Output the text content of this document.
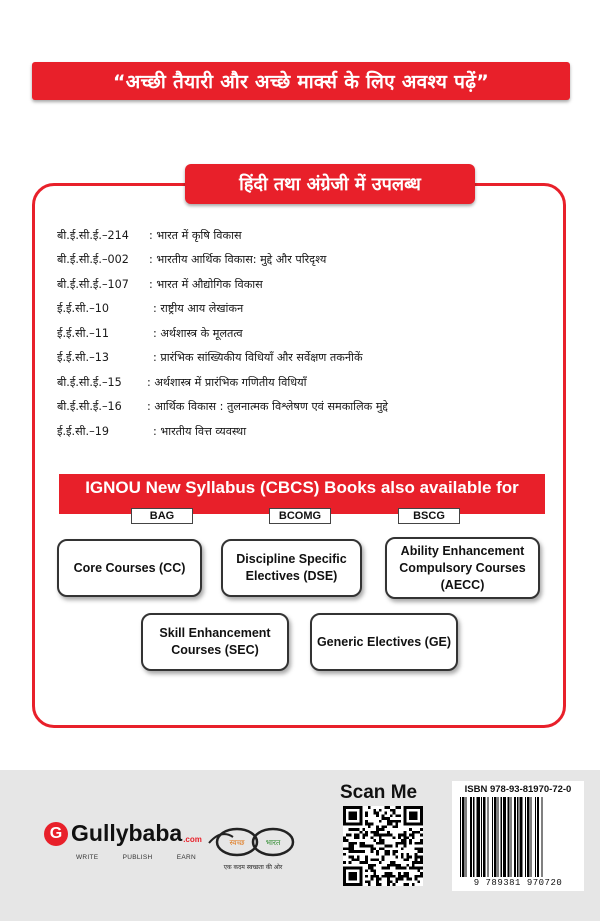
“अच्छी तैयारी और अच्छे मार्क्स के लिए अवश्य पढ़ें”
हिंदी तथा अंग्रेजी में उपलब्ध
बी.ई.सी.ई.–214	: भारत में कृषि विकास
बी.ई.सी.ई.–002	: भारतीय आर्थिक विकास: मुद्दे और परिदृश्य
बी.ई.सी.ई.–107	: भारत में औद्योगिक विकास
ई.ई.सी.–10	: राष्ट्रीय आय लेखांकन
ई.ई.सी.–11	: अर्थशास्त्र के मूलतत्व
ई.ई.सी.–13	: प्रारंभिक सांख्यिकीय विधियाँ और सर्वेक्षण तकनीकें
बी.ई.सी.ई.–15	: अर्थशास्त्र में प्रारंभिक गणितीय विधियाँ
बी.ई.सी.ई.–16	: आर्थिक विकास : तुलनात्मक विश्लेषण एवं समकालिक मुद्दे
ई.ई.सी.–19	: भारतीय वित्त व्यवस्था
IGNOU New Syllabus (CBCS) Books also available for
BAG	BCOMG	BSCG
Core Courses (CC)
Discipline Specific Electives (DSE)
Ability Enhancement Compulsory Courses (AECC)
Skill Enhancement Courses (SEC)
Generic Electives (GE)
G Gullybaba .com
WRITE	PUBLISH	EARN
स्वच्छ	भारत
एक कदम स्वच्छता की ओर
Scan Me	ISBN 978-93-81970-72-0
9 789381 970720
